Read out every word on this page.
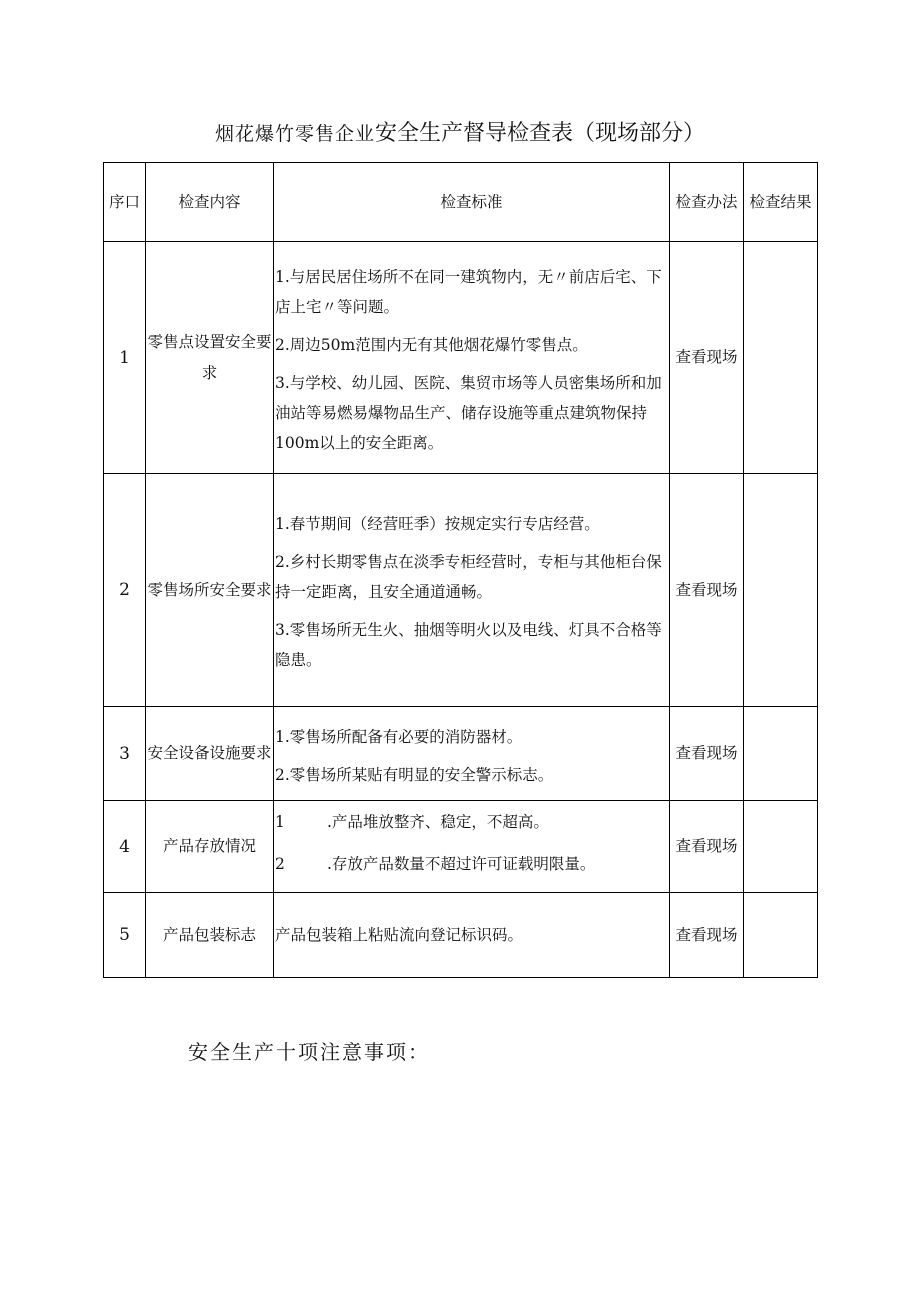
烟花爆竹零售企业安全生产督导检查表（现场部分）
序口	检查内容	检查标准	检查办法	检查结果
1	零售点设置安全要求	1.与居民居住场所不在同一建筑物内，无〃前店后宅、下店上宅〃等问题。
2.周边50m范围内无有其他烟花爆竹零售点。
3.与学校、幼儿园、医院、集贸市场等人员密集场所和加油站等易燃易爆物品生产、储存设施等重点建筑物保持100m以上的安全距离。	查看现场	
2	零售场所安全要求	1.春节期间（经营旺季）按规定实行专店经营。
2.乡村长期零售点在淡季专柜经营时，专柜与其他柜台保持一定距离，且安全通道通畅。
3.零售场所无生火、抽烟等明火以及电线、灯具不合格等隐患。	查看现场	
3	安全设备设施要求	1.零售场所配备有必要的消防器材。
2.零售场所某贴有明显的安全警示标志。	查看现场	
4	产品存放情况	1 .产品堆放整齐、稳定，不超高。
2 .存放产品数量不超过许可证载明限量。	查看现场	
5	产品包装标志	产品包装箱上粘贴流向登记标识码。	查看现场	
安全生产十项注意事项：
